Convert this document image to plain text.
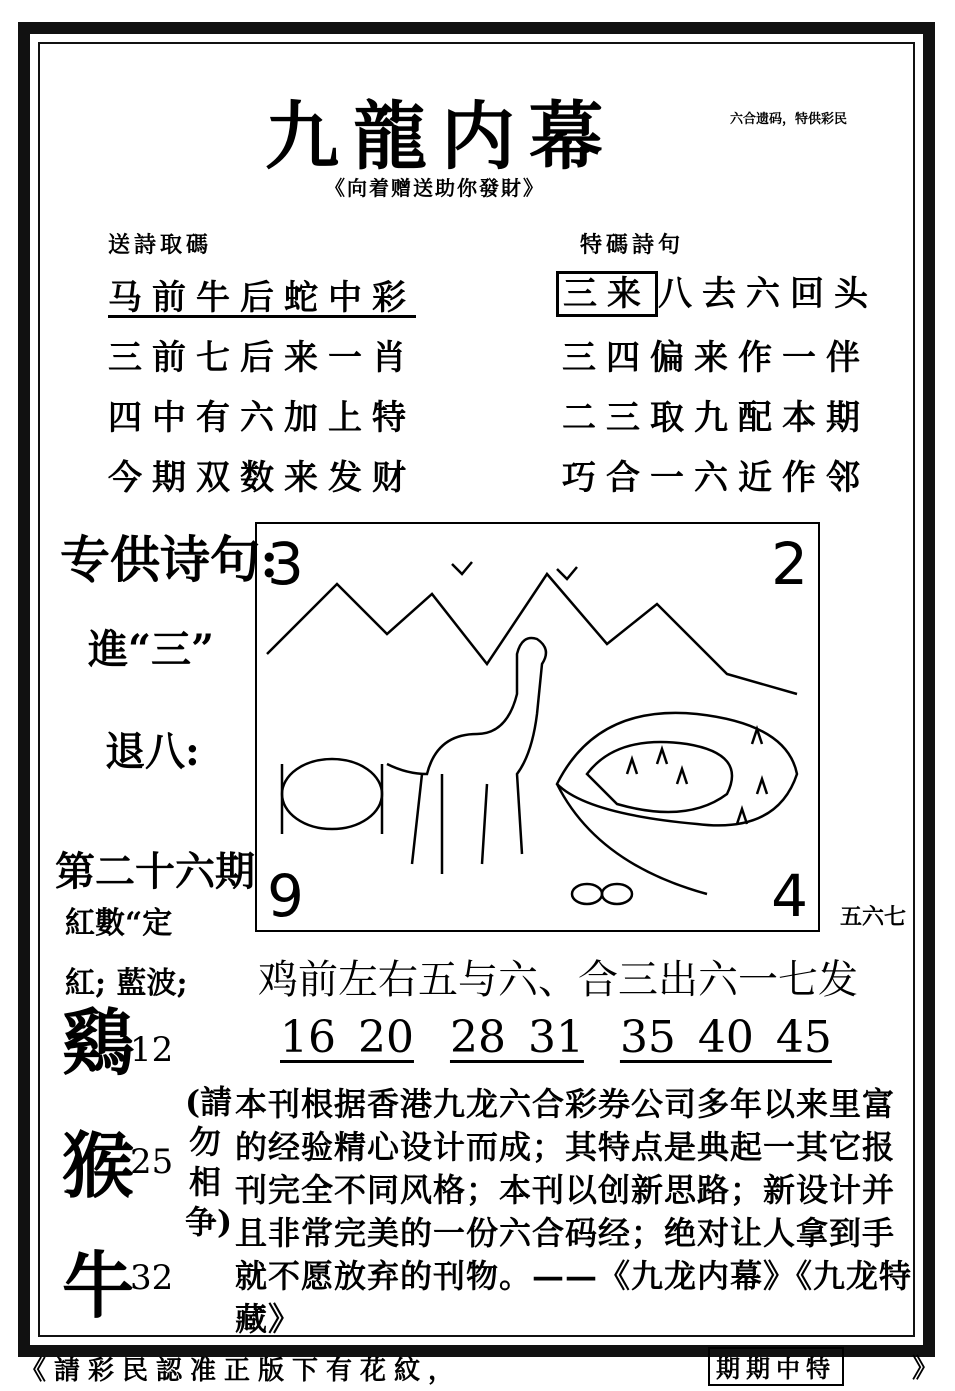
九龍内幕	六合遗码，特供彩民
《向着赠送助你發財》
送詩取碼
马前牛后蛇中彩
三前七后来一肖
四中有六加上特
今期双数来发财
特碼詩句
三来 八去六回头
三四偏来作一伴
二三取九配本期
巧合一六近作邻
专供诗句:
進“三”
退八:
第二十六期
紅數“定
紅; 藍波;
3	2
9	4 五六七
鸡前左右五与六、合三出六一七发
16 20 28 31 35 40 45
鷄
12
猴
25
牛
32
(請勿相争)
本刊根据香港九龙六合彩券公司多年以来里富的经验精心设计而成；其特点是典起一其它报刊完全不同风格；本刊以创新思路；新设计并且非常完美的一份六合码经；绝对让人拿到手就不愿放弃的刊物。——《九龙内幕》《九龙特藏》
《請彩民認准正版下有花紋，	期期中特	》
